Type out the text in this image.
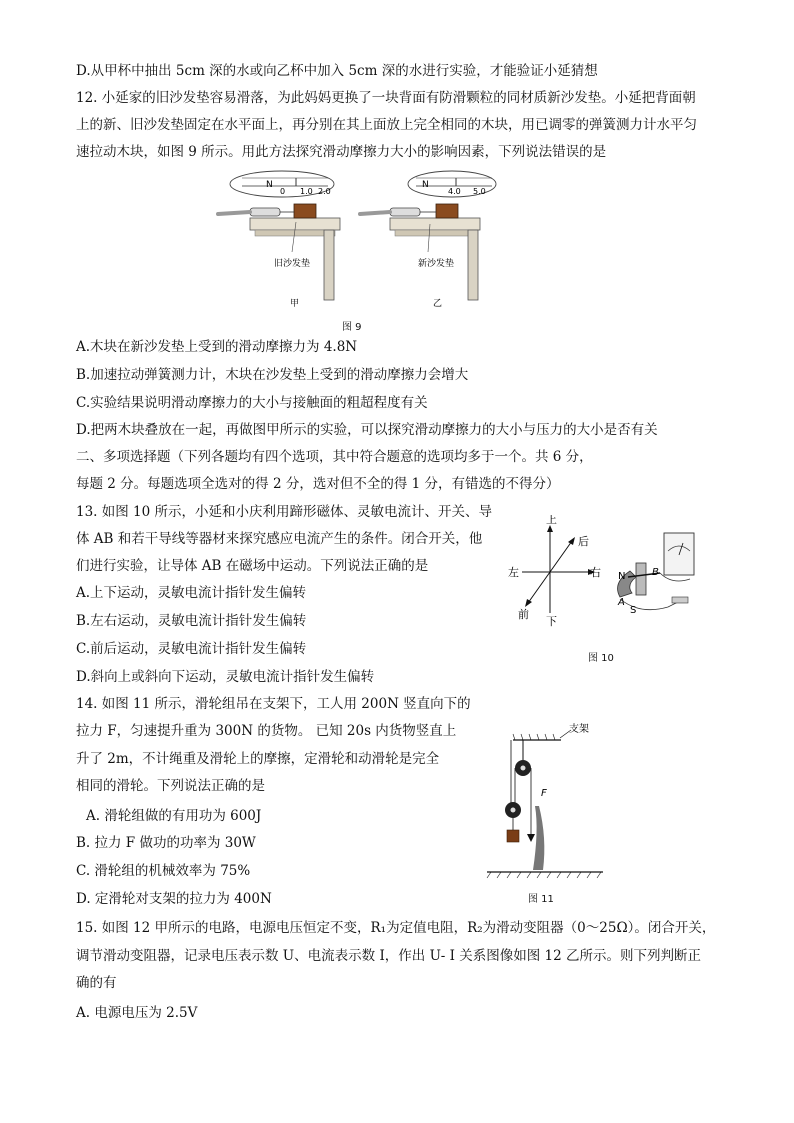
D.从甲杯中抽出 5cm 深的水或向乙杯中加入 5cm 深的水进行实验，才能验证小延猜想
12. 小延家的旧沙发垫容易滑落，为此妈妈更换了一块背面有防滑颗粒的同材质新沙发垫。小延把背面朝
上的新、旧沙发垫固定在水平面上，再分别在其上面放上完全相同的木块，用已调零的弹簧测力计水平匀
速拉动木块，如图 9 所示。用此方法探究滑动摩擦力大小的影响因素，下列说法错误的是
N
0 1.0 2.0
旧沙发垫
甲
N
4.0 5.0
新沙发垫
乙
图 9
A.木块在新沙发垫上受到的滑动摩擦力为 4.8N
B.加速拉动弹簧测力计，木块在沙发垫上受到的滑动摩擦力会增大
C.实验结果说明滑动摩擦力的大小与接触面的粗超程度有关
D.把两木块叠放在一起，再做图甲所示的实验，可以探究滑动摩擦力的大小与压力的大小是否有关
二、多项选择题（下列各题均有四个选项，其中符合题意的选项均多于一个。共 6 分，
每题 2 分。每题选项全选对的得 2 分，选对但不全的得 1 分，有错选的不得分）
13. 如图 10 所示，小延和小庆利用蹄形磁体、灵敏电流计、开关、导
体 AB 和若干导线等器材来探究感应电流产生的条件。闭合开关，他
们进行实验，让导体 AB 在磁场中运动。下列说法正确的是
A.上下运动，灵敏电流计指针发生偏转
B.左右运动，灵敏电流计指针发生偏转
C.前后运动，灵敏电流计指针发生偏转
D.斜向上或斜向下运动，灵敏电流计指针发生偏转
上
下
左	右
后
前
N
S
A
B
图 10
14. 如图 11 所示，滑轮组吊在支架下，工人用 200N 竖直向下的
拉力 F，匀速提升重为 300N 的货物。 已知 20s 内货物竖直上
升了 2m，不计绳重及滑轮上的摩擦，定滑轮和动滑轮是完全
相同的滑轮。下列说法正确的是
A. 滑轮组做的有用功为 600J
B. 拉力 F 做功的功率为 30W
C. 滑轮组的机械效率为 75%
D. 定滑轮对支架的拉力为 400N
支架
F
图 11
15. 如图 12 甲所示的电路，电源电压恒定不变，R₁为定值电阻，R₂为滑动变阻器（0～25Ω）。闭合开关，
调节滑动变阻器，记录电压表示数 U、电流表示数 I，作出 U- I 关系图像如图 12 乙所示。则下列判断正
确的有
A. 电源电压为 2.5V
